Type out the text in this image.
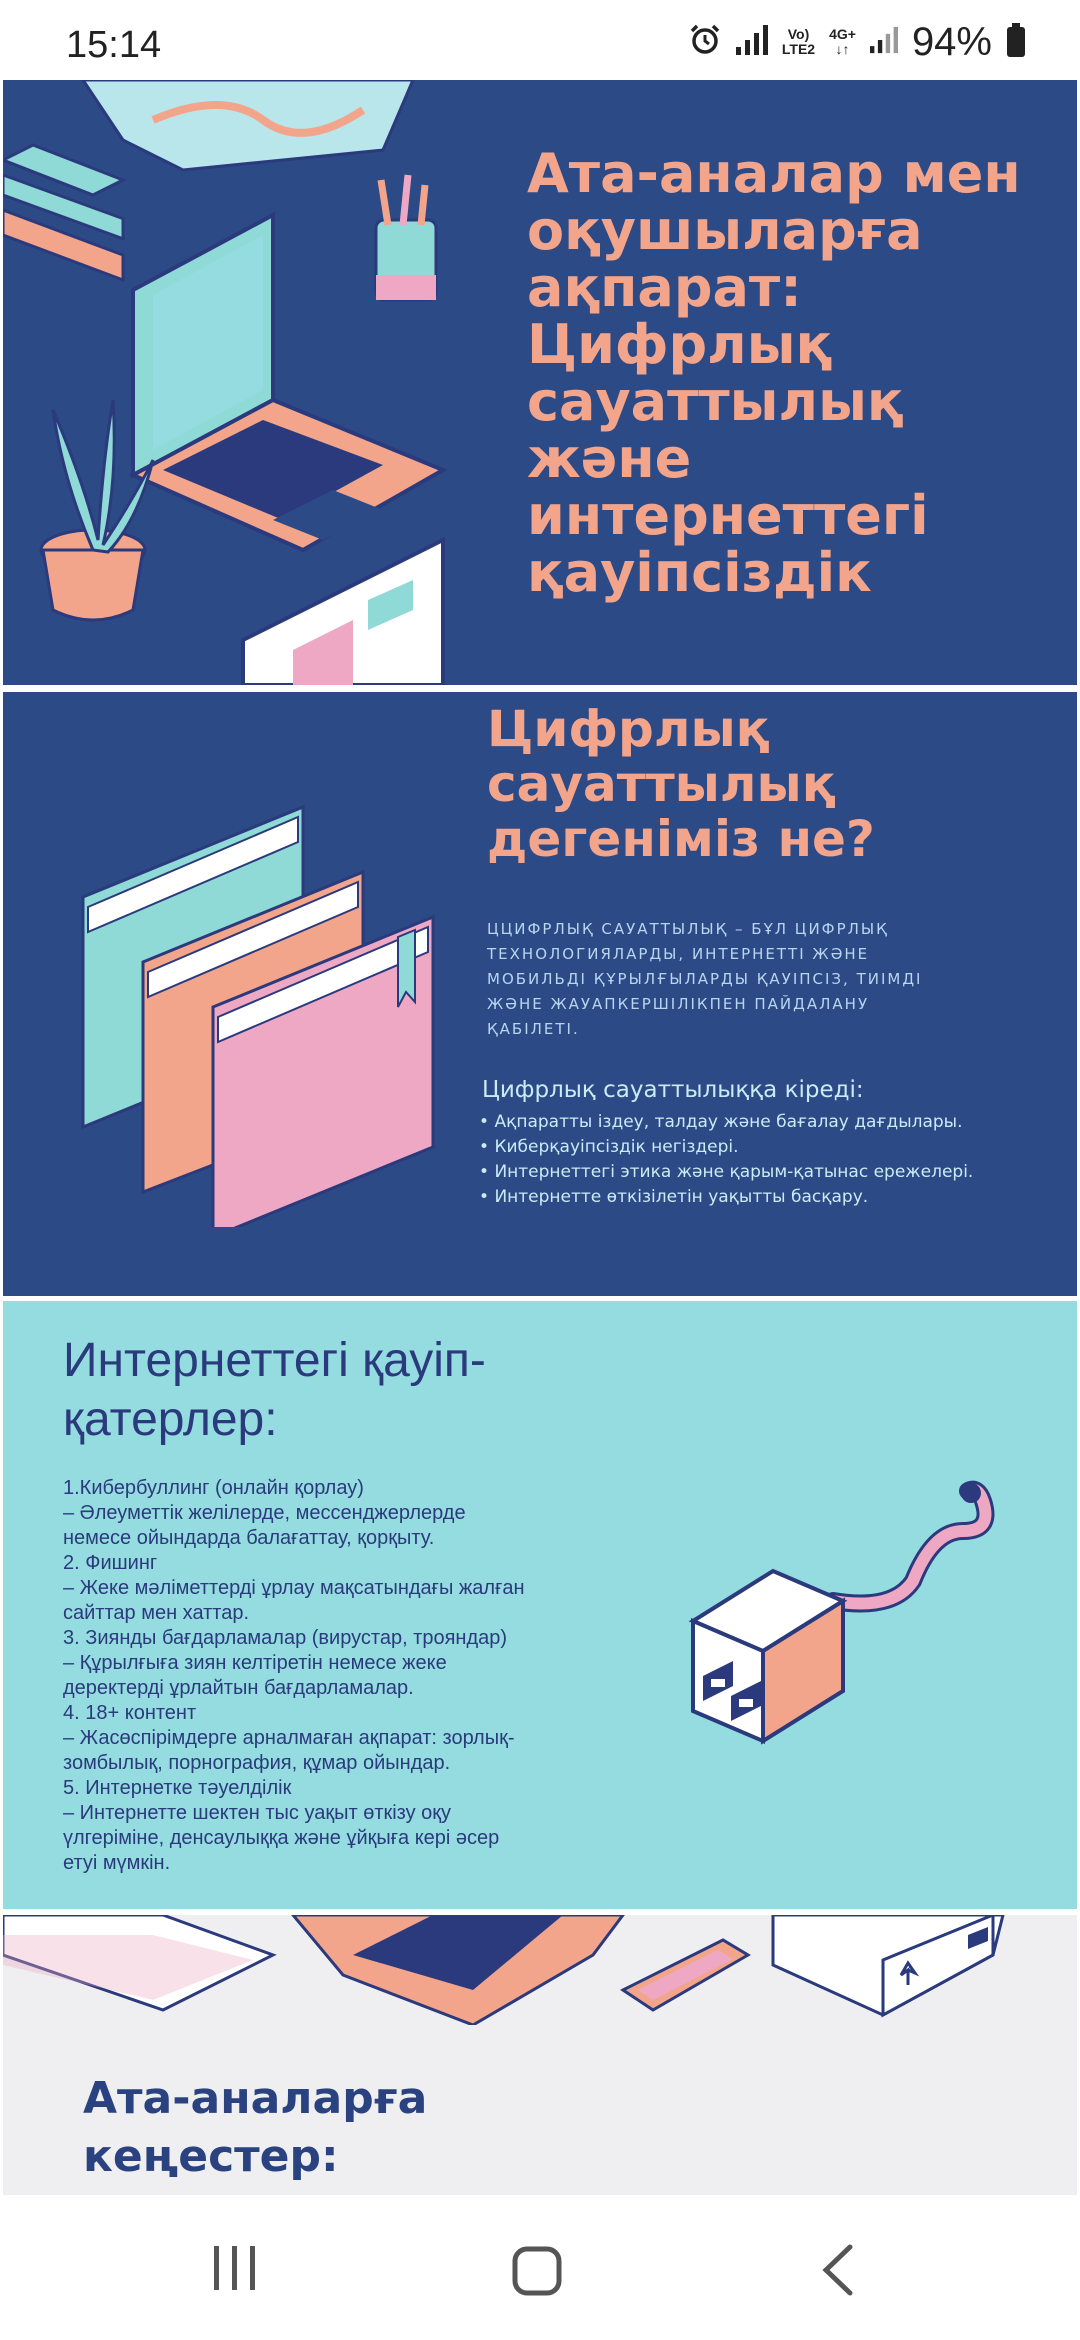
15:14	Vo)
LTE2
4G+
↓↑ 94%
Ата-аналар мен оқушыларға ақпарат: Цифрлық сауаттылық және интернеттегі қауіпсіздік
Цифрлық сауаттылық дегеніміз не?
ЦЦИФРЛЫҚ САУАТТЫЛЫҚ – БҰЛ ЦИФРЛЫҚ ТЕХНОЛОГИЯЛАРДЫ, ИНТЕРНЕТТІ ЖӘНЕ МОБИЛЬДІ ҚҰРЫЛҒЫЛАРДЫ ҚАУІПСІЗ, ТИІМДІ ЖӘНЕ ЖАУАПКЕРШІЛІКПЕН ПАЙДАЛАНУ ҚАБІЛЕТІ.
Цифрлық сауаттылыққа кіреді:
• Ақпаратты іздеу, талдау және бағалау дағдылары.
• Киберқауіпсіздік негіздері.
• Интернеттегі этика және қарым-қатынас ережелері.
• Интернетте өткізілетін уақытты басқару.
Интернеттегі қауіп-қатерлер:
1.Кибербуллинг (онлайн қорлау)
– Әлеуметтік желілерде, мессенджерлерде
немесе ойындарда балағаттау, қорқыту.
2. Фишинг
– Жеке мәліметтерді ұрлау мақсатындағы жалған
сайттар мен хаттар.
3. Зиянды бағдарламалар (вирустар, трояндар)
– Құрылғыға зиян келтіретін немесе жеке
деректерді ұрлайтын бағдарламалар.
4. 18+ контент
– Жасөспірімдерге арналмаған ақпарат: зорлық-
зомбылық, порнография, құмар ойындар.
5. Интернетке тәуелділік
– Интернетте шектен тыс уақыт өткізу оқу
үлгеріміне, денсаулыққа және ұйқыға кері әсер
етуі мүмкін.
Ата-аналарға кеңестер:
